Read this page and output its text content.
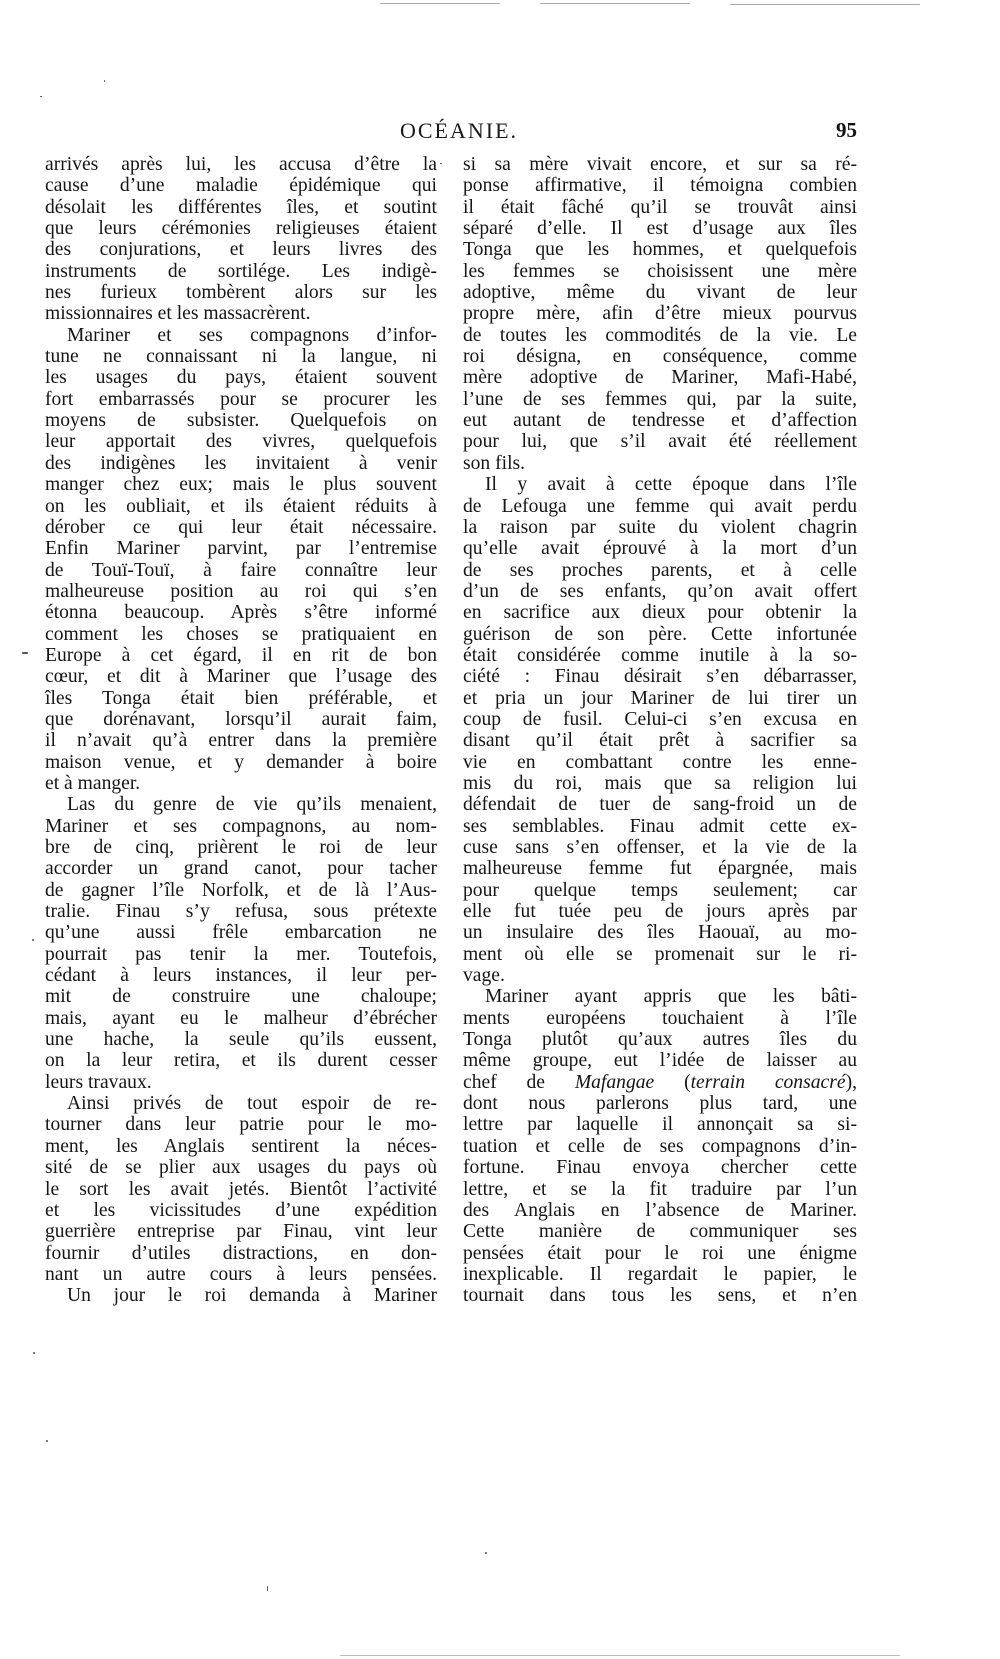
OCÉANIE.	95
arrivés après lui, les accusa d’être la
cause d’une maladie épidémique qui
désolait les différentes îles, et soutint
que leurs cérémonies religieuses étaient
des conjurations, et leurs livres des
instruments de sortilége. Les indigè-
nes furieux tombèrent alors sur les
missionnaires et les massacrèrent.
Mariner et ses compagnons d’infor-
tune ne connaissant ni la langue, ni
les usages du pays, étaient souvent
fort embarrassés pour se procurer les
moyens de subsister. Quelquefois on
leur apportait des vivres, quelquefois
des indigènes les invitaient à venir
manger chez eux; mais le plus souvent
on les oubliait, et ils étaient réduits à
dérober ce qui leur était nécessaire.
Enfin Mariner parvint, par l’entremise
de Touï-Touï, à faire connaître leur
malheureuse position au roi qui s’en
étonna beaucoup. Après s’être informé
comment les choses se pratiquaient en
Europe à cet égard, il en rit de bon
cœur, et dit à Mariner que l’usage des
îles Tonga était bien préférable, et
que dorénavant, lorsqu’il aurait faim,
il n’avait qu’à entrer dans la première
maison venue, et y demander à boire
et à manger.
Las du genre de vie qu’ils menaient,
Mariner et ses compagnons, au nom-
bre de cinq, prièrent le roi de leur
accorder un grand canot, pour tacher
de gagner l’île Norfolk, et de là l’Aus-
tralie. Finau s’y refusa, sous prétexte
qu’une aussi frêle embarcation ne
pourrait pas tenir la mer. Toutefois,
cédant à leurs instances, il leur per-
mit de construire une chaloupe;
mais, ayant eu le malheur d’ébrécher
une hache, la seule qu’ils eussent,
on la leur retira, et ils durent cesser
leurs travaux.
Ainsi privés de tout espoir de re-
tourner dans leur patrie pour le mo-
ment, les Anglais sentirent la néces-
sité de se plier aux usages du pays où
le sort les avait jetés. Bientôt l’activité
et les vicissitudes d’une expédition
guerrière entreprise par Finau, vint leur
fournir d’utiles distractions, en don-
nant un autre cours à leurs pensées.
Un jour le roi demanda à Mariner
si sa mère vivait encore, et sur sa ré-
ponse affirmative, il témoigna combien
il était fâché qu’il se trouvât ainsi
séparé d’elle. Il est d’usage aux îles
Tonga que les hommes, et quelquefois
les femmes se choisissent une mère
adoptive, même du vivant de leur
propre mère, afin d’être mieux pourvus
de toutes les commodités de la vie. Le
roi désigna, en conséquence, comme
mère adoptive de Mariner, Mafi-Habé,
l’une de ses femmes qui, par la suite,
eut autant de tendresse et d’affection
pour lui, que s’il avait été réellement
son fils.
Il y avait à cette époque dans l’île
de Lefouga une femme qui avait perdu
la raison par suite du violent chagrin
qu’elle avait éprouvé à la mort d’un
de ses proches parents, et à celle
d’un de ses enfants, qu’on avait offert
en sacrifice aux dieux pour obtenir la
guérison de son père. Cette infortunée
était considérée comme inutile à la so-
ciété : Finau désirait s’en débarrasser,
et pria un jour Mariner de lui tirer un
coup de fusil. Celui-ci s’en excusa en
disant qu’il était prêt à sacrifier sa
vie en combattant contre les enne-
mis du roi, mais que sa religion lui
défendait de tuer de sang-froid un de
ses semblables. Finau admit cette ex-
cuse sans s’en offenser, et la vie de la
malheureuse femme fut épargnée, mais
pour quelque temps seulement; car
elle fut tuée peu de jours après par
un insulaire des îles Haouaï, au mo-
ment où elle se promenait sur le ri-
vage.
Mariner ayant appris que les bâti-
ments européens touchaient à l’île
Tonga plutôt qu’aux autres îles du
même groupe, eut l’idée de laisser au
chef de Mafangae (terrain consacré),
dont nous parlerons plus tard, une
lettre par laquelle il annonçait sa si-
tuation et celle de ses compagnons d’in-
fortune. Finau envoya chercher cette
lettre, et se la fit traduire par l’un
des Anglais en l’absence de Mariner.
Cette manière de communiquer ses
pensées était pour le roi une énigme
inexplicable. Il regardait le papier, le
tournait dans tous les sens, et n’en
